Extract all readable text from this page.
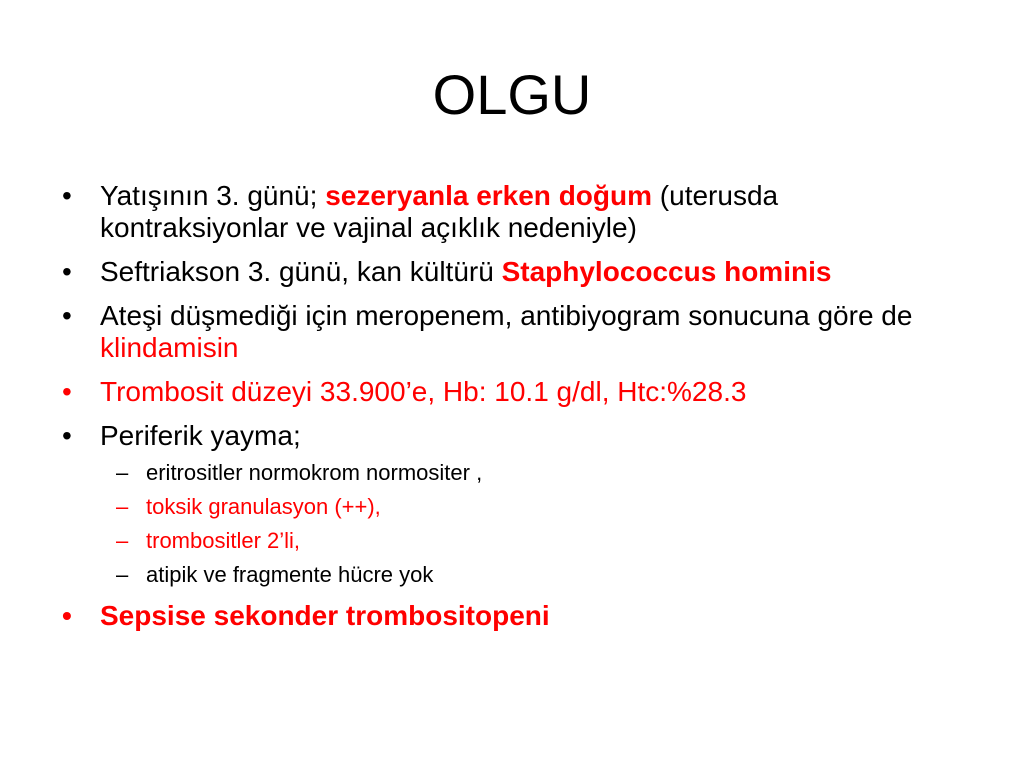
OLGU
• Yatışının 3. günü; sezeryanla erken doğum (uterusda kontraksiyonlar ve vajinal açıklık nedeniyle)
• Seftriakson 3. günü, kan kültürü Staphylococcus hominis
• Ateşi düşmediği için meropenem, antibiyogram sonucuna göre de klindamisin
• Trombosit düzeyi 33.900’e, Hb: 10.1 g/dl, Htc:%28.3
• Periferik yayma;
– eritrositler normokrom normositer ,
– toksik granulasyon (++),
– trombositler 2’li,
– atipik ve fragmente hücre yok
• Sepsise sekonder trombositopeni
